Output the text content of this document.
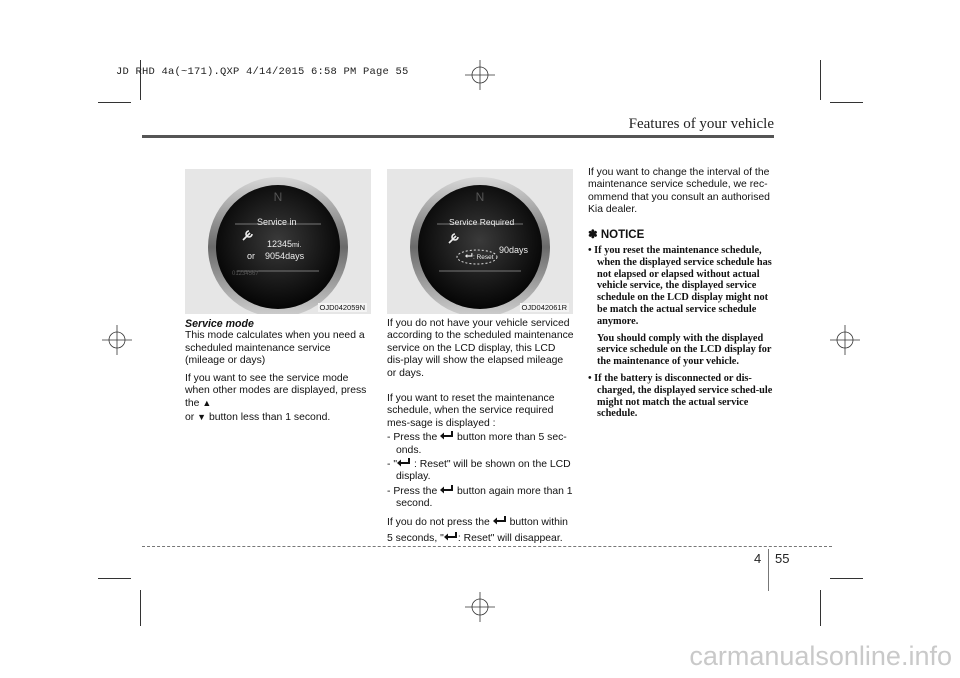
JD RHD 4a(~171).QXP 4/14/2015 6:58 PM Page 55
Features of your vehicle
N
01234567
Service in
12345mi.
or 9054days
OJD042059N
N
Service Required
90days
: Reset
OJD042061R

Service mode
This mode calculates when you need a scheduled maintenance service (mileage or days)

If you want to see the service mode when other modes are displayed, press the ▲
or ▼ button less than 1 second.

If you do not have your vehicle serviced according to the scheduled maintenance service on the LCD display, this LCD dis-play will show the elapsed mileage or days.

If you want to reset the maintenance schedule, when the service required mes-sage is displayed :

- Press the button more than 5 sec-onds.

- " : Reset" will be shown on the LCD display.

- Press the button again more than 1 second.

If you do not press the button within 5 seconds, " : Reset" will disappear.

If you want to change the interval of the maintenance service schedule, we rec-ommend that you consult an authorised Kia dealer.

✽ NOTICE

• If you reset the maintenance schedule, when the displayed service schedule has not elapsed or elapsed without actual vehicle service, the displayed service schedule on the LCD display might not be match the actual service schedule anymore.

You should comply with the displayed service schedule on the LCD display for the maintenance of your vehicle.

• If the battery is disconnected or dis-charged, the displayed service sched-ule might not match the actual service schedule.

4 55
carmanualsonline.info
